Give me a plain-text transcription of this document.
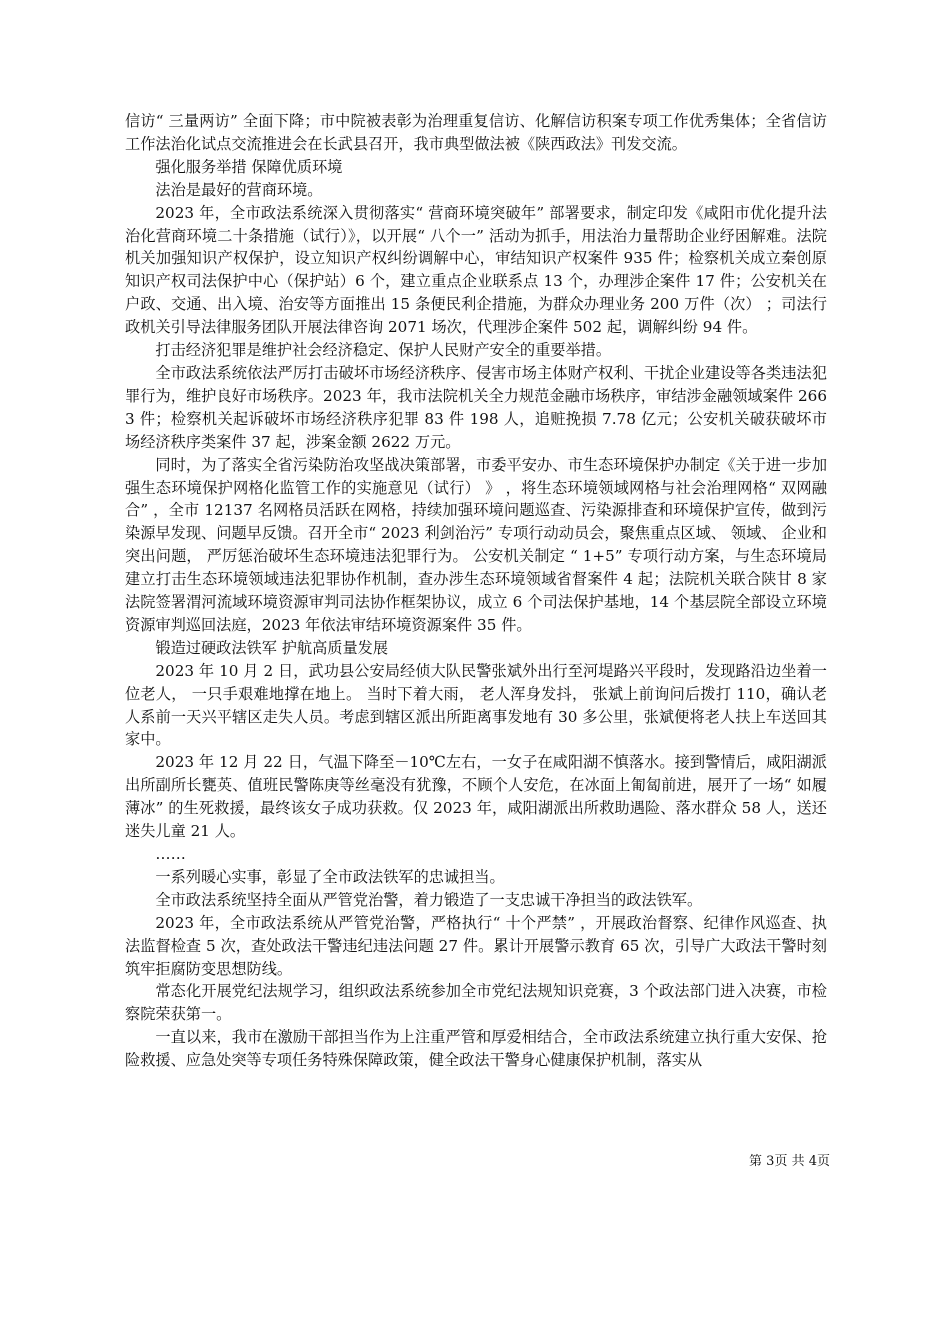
信访“ 三量两访” 全面下降；市中院被表彰为治理重复信访、化解信访积案专项工作优秀集体；全省信访工作法治化试点交流推进会在长武县召开，我市典型做法被《陕西政法》刊发交流。

强化服务举措 保障优质环境

法治是最好的营商环境。

2023 年，全市政法系统深入贯彻落实“ 营商环境突破年” 部署要求，制定印发《咸阳市优化提升法治化营商环境二十条措施（试行）》，以开展“ 八个一” 活动为抓手，用法治力量帮助企业纾困解难。法院机关加强知识产权保护，设立知识产权纠纷调解中心，审结知识产权案件 935 件；检察机关成立秦创原知识产权司法保护中心（保护站）6 个，建立重点企业联系点 13 个，办理涉企案件 17 件；公安机关在户政、交通、出入境、治安等方面推出 15 条便民利企措施，为群众办理业务 200 万件（次） ；司法行政机关引导法律服务团队开展法律咨询 2071 场次，代理涉企案件 502 起，调解纠纷 94 件。

打击经济犯罪是维护社会经济稳定、保护人民财产安全的重要举措。

全市政法系统依法严厉打击破坏市场经济秩序、侵害市场主体财产权利、干扰企业建设等各类违法犯罪行为，维护良好市场秩序。2023 年，我市法院机关全力规范金融市场秩序，审结涉金融领域案件 2663 件；检察机关起诉破坏市场经济秩序犯罪 83 件 198 人，追赃挽损 7.78 亿元；公安机关破获破坏市场经济秩序类案件 37 起，涉案金额 2622 万元。

同时，为了落实全省污染防治攻坚战决策部署，市委平安办、市生态环境保护办制定《关于进一步加强生态环境保护网格化监管工作的实施意见（试行） 》 ，将生态环境领域网格与社会治理网格“ 双网融合” ，全市 12137 名网格员活跃在网格，持续加强环境问题巡查、污染源排查和环境保护宣传，做到污染源早发现、问题早反馈。召开全市“ 2023 利剑治污” 专项行动动员会，聚焦重点区域、 领域、 企业和突出问题， 严厉惩治破坏生态环境违法犯罪行为。 公安机关制定 “ 1+5” 专项行动方案，与生态环境局建立打击生态环境领域违法犯罪协作机制，查办涉生态环境领域省督案件 4 起；法院机关联合陕甘 8 家法院签署渭河流域环境资源审判司法协作框架协议，成立 6 个司法保护基地，14 个基层院全部设立环境资源审判巡回法庭，2023 年依法审结环境资源案件 35 件。

锻造过硬政法铁军 护航高质量发展

2023 年 10 月 2 日，武功县公安局经侦大队民警张斌外出行至河堤路兴平段时，发现路沿边坐着一位老人， 一只手艰难地撑在地上。 当时下着大雨， 老人浑身发抖， 张斌上前询问后拨打 110，确认老人系前一天兴平辖区走失人员。考虑到辖区派出所距离事发地有 30 多公里，张斌便将老人扶上车送回其家中。

2023 年 12 月 22 日，气温下降至－10℃左右，一女子在咸阳湖不慎落水。接到警情后，咸阳湖派出所副所长甕英、值班民警陈庚等丝毫没有犹豫，不顾个人安危，在冰面上匍匐前进，展开了一场“ 如履薄冰” 的生死救援，最终该女子成功获救。仅 2023 年，咸阳湖派出所救助遇险、落水群众 58 人，送还迷失儿童 21 人。

……

一系列暖心实事，彰显了全市政法铁军的忠诚担当。

全市政法系统坚持全面从严管党治警，着力锻造了一支忠诚干净担当的政法铁军。

2023 年，全市政法系统从严管党治警，严格执行“ 十个严禁” ，开展政治督察、纪律作风巡查、执法监督检查 5 次，查处政法干警违纪违法问题 27 件。累计开展警示教育 65 次，引导广大政法干警时刻筑牢拒腐防变思想防线。

常态化开展党纪法规学习，组织政法系统参加全市党纪法规知识竞赛，3 个政法部门进入决赛，市检察院荣获第一。

一直以来，我市在激励干部担当作为上注重严管和厚爱相结合，全市政法系统建立执行重大安保、抢险救援、应急处突等专项任务特殊保障政策，健全政法干警身心健康保护机制，落实从

第 3页 共 4页
